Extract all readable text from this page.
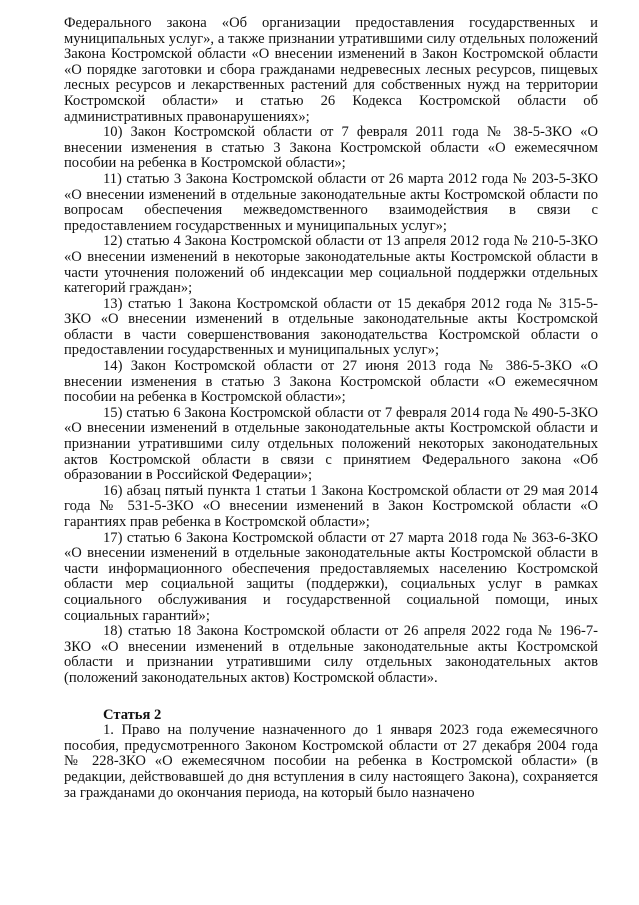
Федерального закона «Об организации предоставления государственных и муниципальных услуг», а также признании утратившими силу отдельных положений Закона Костромской области «О внесении изменений в Закон Костромской области «О порядке заготовки и сбора гражданами недревесных лесных ресурсов, пищевых лесных ресурсов и лекарственных растений для собственных нужд на территории Костромской области» и статью 26 Кодекса Костромской области об административных правонарушениях»;

10) Закон Костромской области от 7 февраля 2011 года № 38-5-ЗКО «О внесении изменения в статью 3 Закона Костромской области «О ежемесячном пособии на ребенка в Костромской области»;

11) статью 3 Закона Костромской области от 26 марта 2012 года № 203-5-ЗКО «О внесении изменений в отдельные законодательные акты Костромской области по вопросам обеспечения межведомственного взаимодействия в связи с предоставлением государственных и муниципальных услуг»;

12) статью 4 Закона Костромской области от 13 апреля 2012 года № 210-5-ЗКО «О внесении изменений в некоторые законодательные акты Костромской области в части уточнения положений об индексации мер социальной поддержки отдельных категорий граждан»;

13) статью 1 Закона Костромской области от 15 декабря 2012 года № 315-5-ЗКО «О внесении изменений в отдельные законодательные акты Костромской области в части совершенствования законодательства Костромской области о предоставлении государственных и муниципальных услуг»;

14) Закон Костромской области от 27 июня 2013 года № 386-5-ЗКО «О внесении изменения в статью 3 Закона Костромской области «О ежемесячном пособии на ребенка в Костромской области»;

15) статью 6 Закона Костромской области от 7 февраля 2014 года № 490-5-ЗКО «О внесении изменений в отдельные законодательные акты Костромской области и признании утратившими силу отдельных положений некоторых законодательных актов Костромской области в связи с принятием Федерального закона «Об образовании в Российской Федерации»;

16) абзац пятый пункта 1 статьи 1 Закона Костромской области от 29 мая 2014 года № 531-5-ЗКО «О внесении изменений в Закон Костромской области «О гарантиях прав ребенка в Костромской области»;

17) статью 6 Закона Костромской области от 27 марта 2018 года № 363-6-ЗКО «О внесении изменений в отдельные законодательные акты Костромской области в части информационного обеспечения предоставляемых населению Костромской области мер социальной защиты (поддержки), социальных услуг в рамках социального обслуживания и государственной социальной помощи, иных социальных гарантий»;

18) статью 18 Закона Костромской области от 26 апреля 2022 года № 196-7-ЗКО «О внесении изменений в отдельные законодательные акты Костромской области и признании утратившими силу отдельных законодательных актов (положений законодательных актов) Костромской области».

Статья 2

1. Право на получение назначенного до 1 января 2023 года ежемесячного пособия, предусмотренного Законом Костромской области от 27 декабря 2004 года № 228-ЗКО «О ежемесячном пособии на ребенка в Костромской области» (в редакции, действовавшей до дня вступления в силу настоящего Закона), сохраняется за гражданами до окончания периода, на который было назначено
